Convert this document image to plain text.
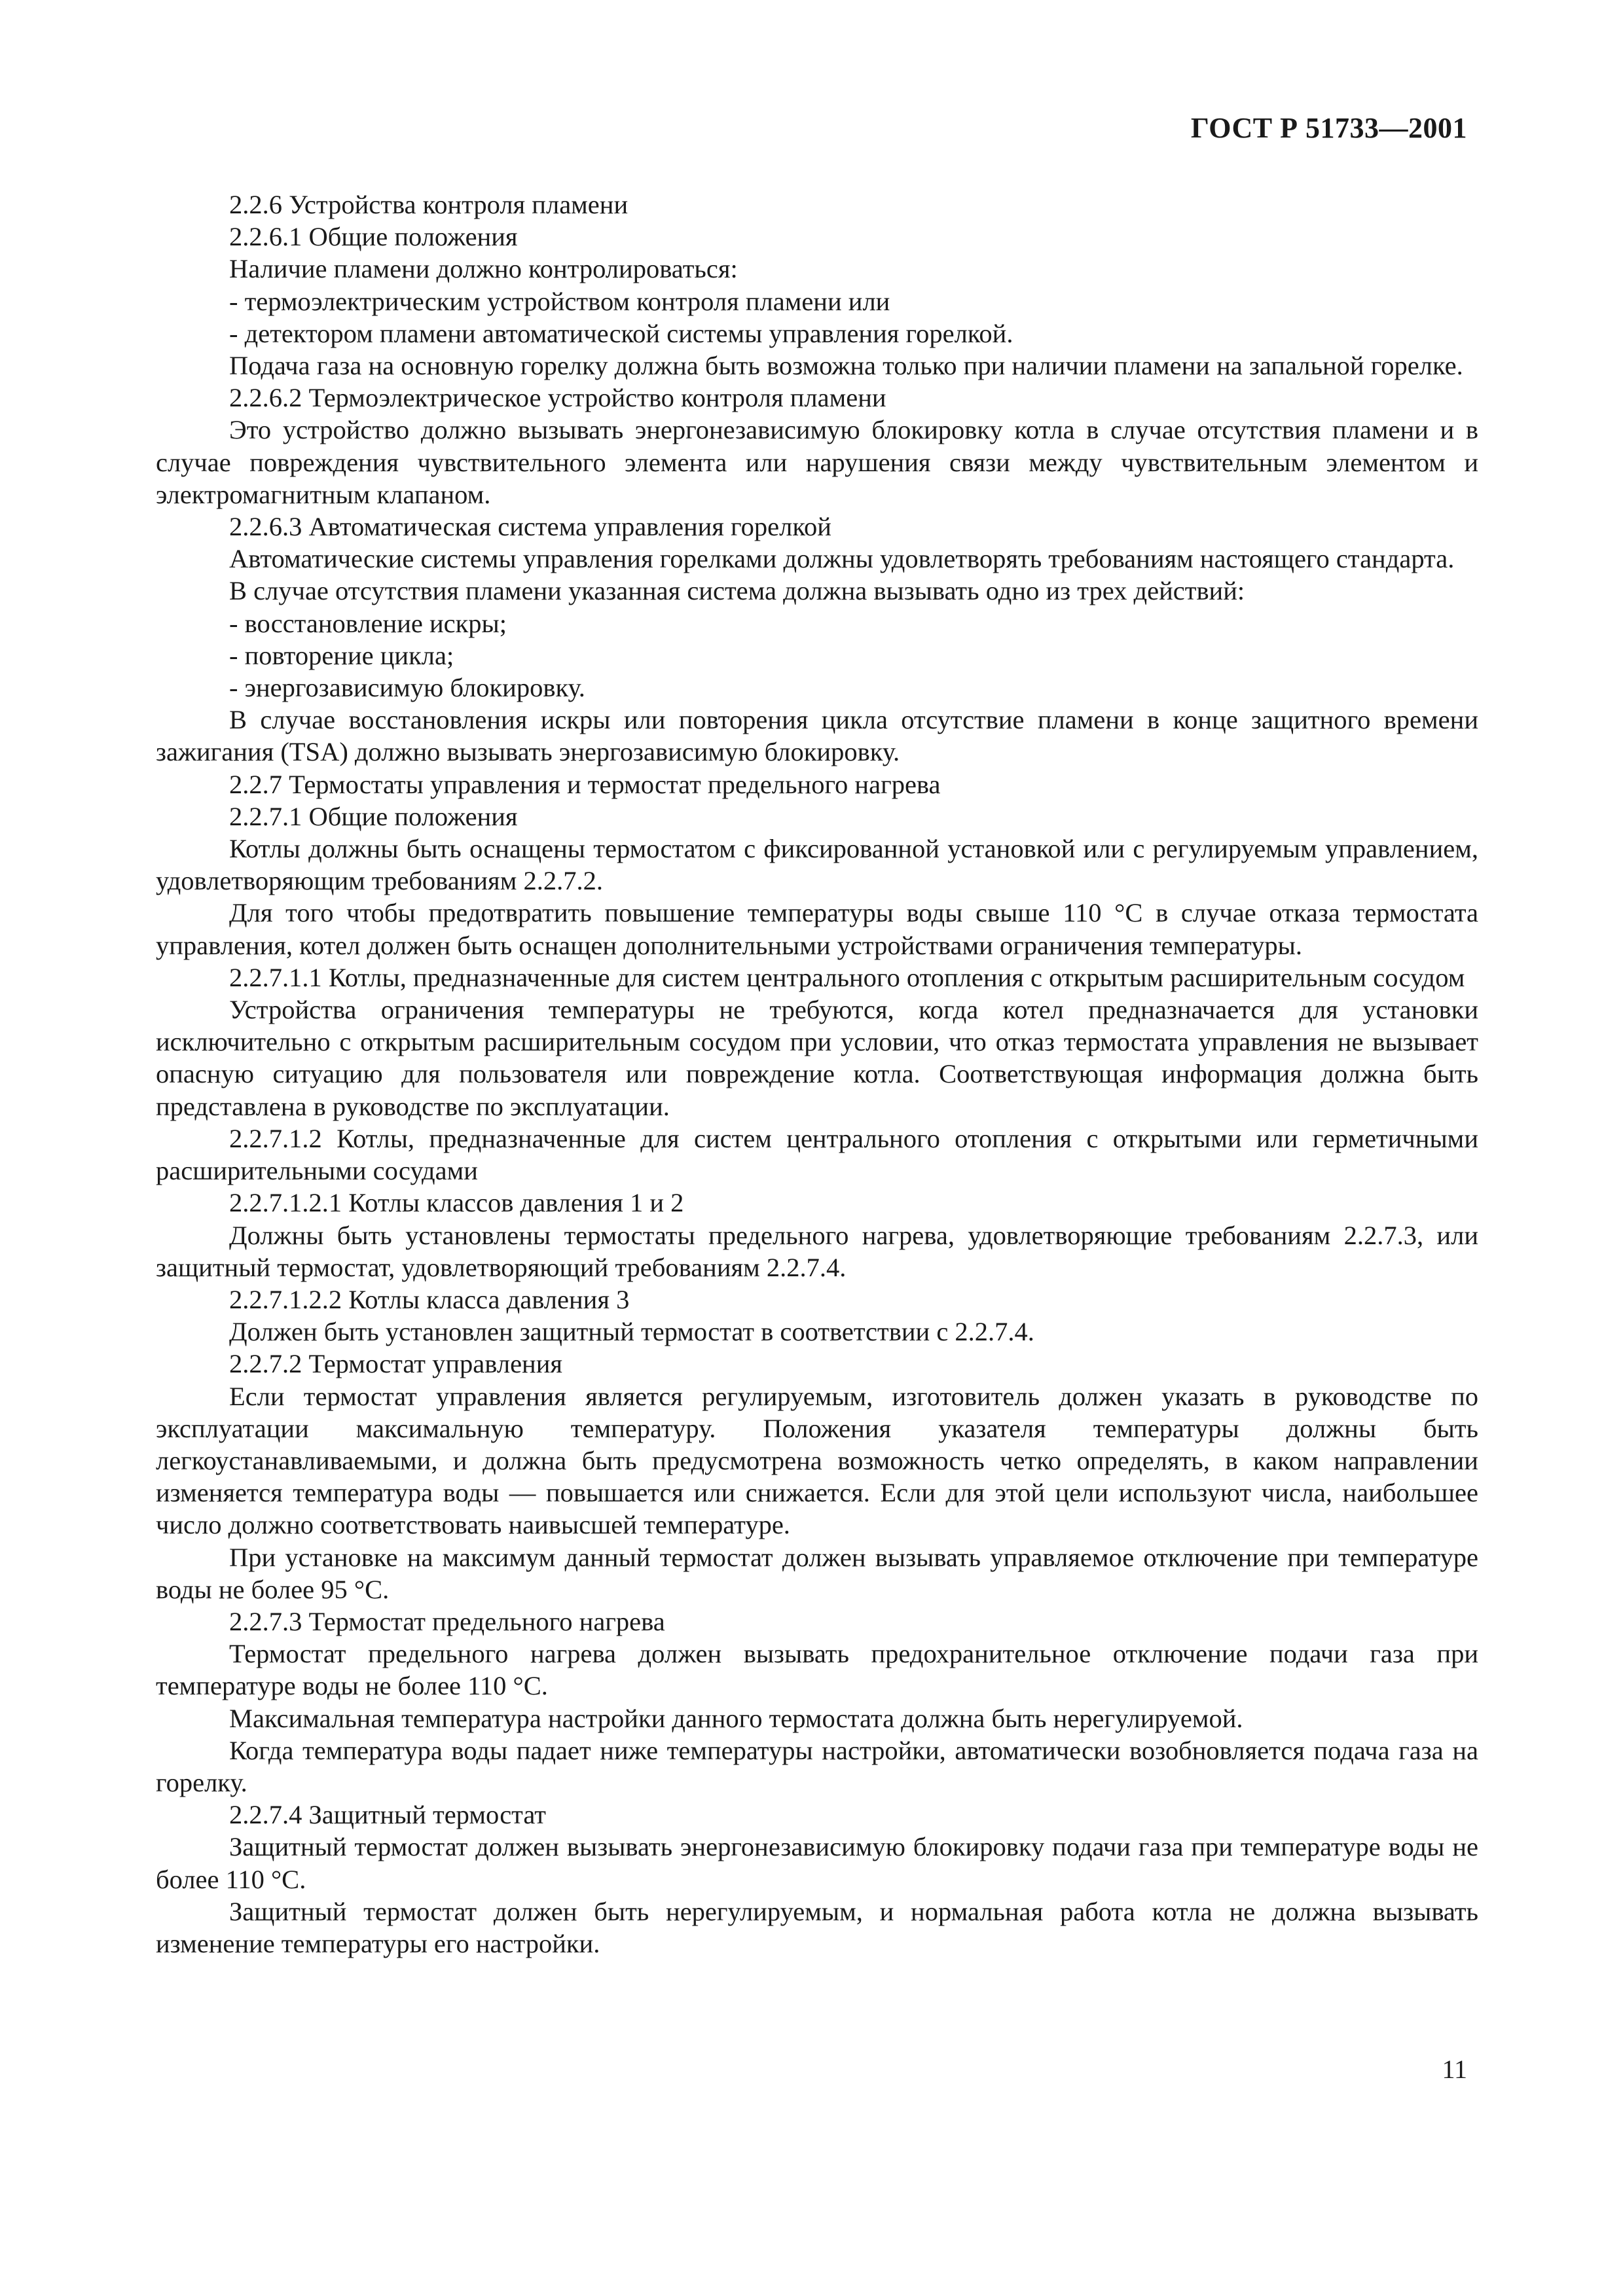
ГОСТ Р 51733—2001

2.2.6 Устройства контроля пламени

2.2.6.1 Общие положения

Наличие пламени должно контролироваться:

- термоэлектрическим устройством контроля пламени или

- детектором пламени автоматической системы управления горелкой.

Подача газа на основную горелку должна быть возможна только при наличии пламени на запальной горелке.

2.2.6.2 Термоэлектрическое устройство контроля пламени

Это устройство должно вызывать энергонезависимую блокировку котла в случае отсутствия пламени и в случае повреждения чувствительного элемента или нарушения связи между чувствительным элементом и электромагнитным клапаном.

2.2.6.3 Автоматическая система управления горелкой

Автоматические системы управления горелками должны удовлетворять требованиям настоящего стандарта.

В случае отсутствия пламени указанная система должна вызывать одно из трех действий:

- восстановление искры;

- повторение цикла;

- энергозависимую блокировку.

В случае восстановления искры или повторения цикла отсутствие пламени в конце защитного времени зажигания (TSA) должно вызывать энергозависимую блокировку.

2.2.7 Термостаты управления и термостат предельного нагрева

2.2.7.1 Общие положения

Котлы должны быть оснащены термостатом с фиксированной установкой или с регулируемым управлением, удовлетворяющим требованиям 2.2.7.2.

Для того чтобы предотвратить повышение температуры воды свыше 110 °С в случае отказа термостата управления, котел должен быть оснащен дополнительными устройствами ограничения температуры.

2.2.7.1.1 Котлы, предназначенные для систем центрального отопления с открытым расширительным сосудом

Устройства ограничения температуры не требуются, когда котел предназначается для установки исключительно с открытым расширительным сосудом при условии, что отказ термостата управления не вызывает опасную ситуацию для пользователя или повреждение котла. Соответствующая информация должна быть представлена в руководстве по эксплуатации.

2.2.7.1.2 Котлы, предназначенные для систем центрального отопления с открытыми или герметичными расширительными сосудами

2.2.7.1.2.1 Котлы классов давления 1 и 2

Должны быть установлены термостаты предельного нагрева, удовлетворяющие требованиям 2.2.7.3, или защитный термостат, удовлетворяющий требованиям 2.2.7.4.

2.2.7.1.2.2 Котлы класса давления 3

Должен быть установлен защитный термостат в соответствии с 2.2.7.4.

2.2.7.2 Термостат управления

Если термостат управления является регулируемым, изготовитель должен указать в руководстве по эксплуатации максимальную температуру. Положения указателя температуры должны быть легкоустанавливаемыми, и должна быть предусмотрена возможность четко определять, в каком направлении изменяется температура воды — повышается или снижается. Если для этой цели используют числа, наибольшее число должно соответствовать наивысшей температуре.

При установке на максимум данный термостат должен вызывать управляемое отключение при температуре воды не более 95 °С.

2.2.7.3 Термостат предельного нагрева

Термостат предельного нагрева должен вызывать предохранительное отключение подачи газа при температуре воды не более 110 °С.

Максимальная температура настройки данного термостата должна быть нерегулируемой.

Когда температура воды падает ниже температуры настройки, автоматически возобновляется подача газа на горелку.

2.2.7.4 Защитный термостат

Защитный термостат должен вызывать энергонезависимую блокировку подачи газа при температуре воды не более 110 °С.

Защитный термостат должен быть нерегулируемым, и нормальная работа котла не должна вызывать изменение температуры его настройки.

11
